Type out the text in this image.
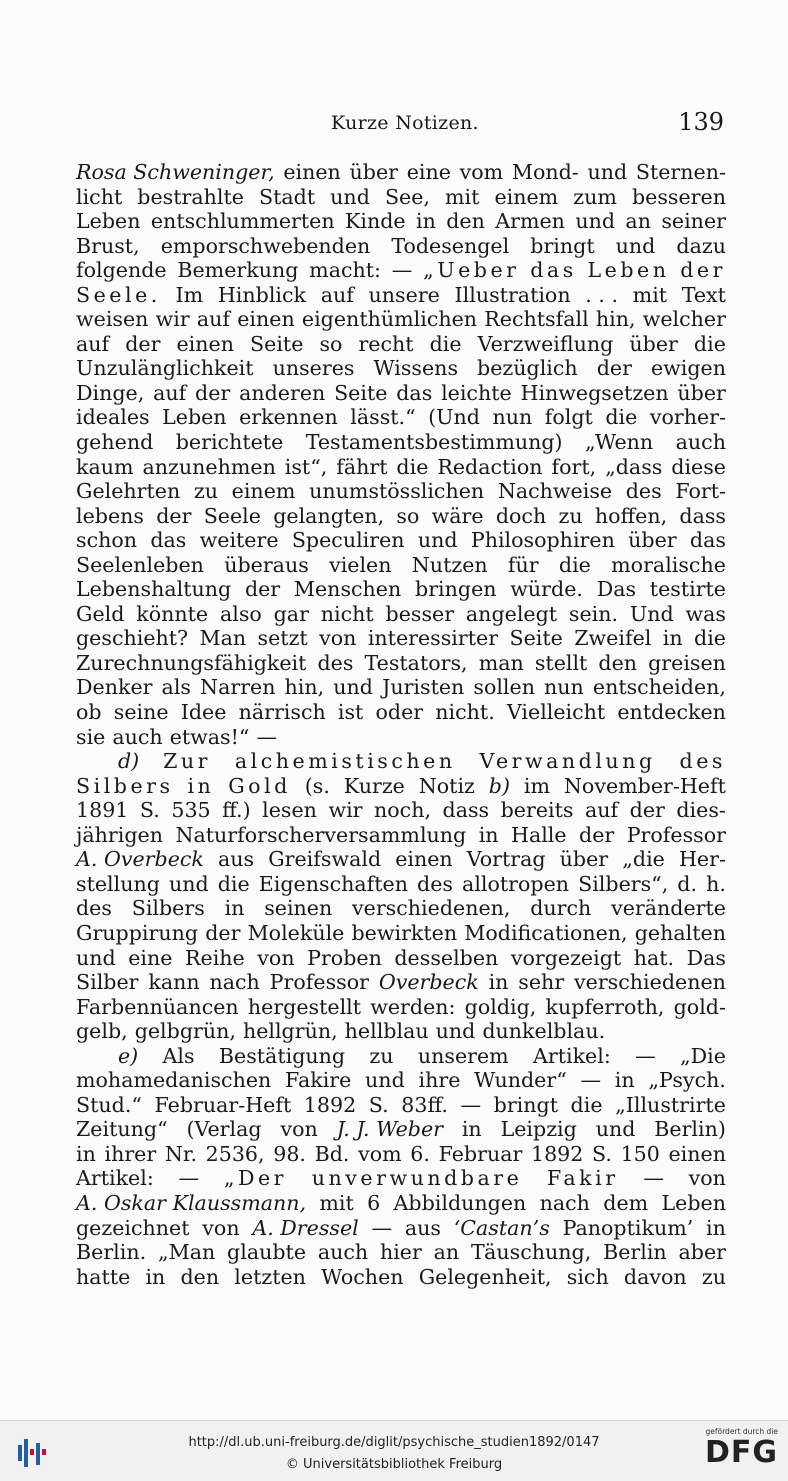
Kurze Notizen.	139
Rosa Schweninger, einen über eine vom Mond- und Sternen-
licht bestrahlte Stadt und See, mit einem zum besseren
Leben entschlummerten Kinde in den Armen und an seiner
Brust, emporschwebenden Todesengel bringt und dazu
folgende Bemerkung macht: — „Ueber das Leben der
Seele. Im Hinblick auf unsere Illustration . . . mit Text
weisen wir auf einen eigenthümlichen Rechtsfall hin, welcher
auf der einen Seite so recht die Verzweiflung über die
Unzulänglichkeit unseres Wissens bezüglich der ewigen
Dinge, auf der anderen Seite das leichte Hinwegsetzen über
ideales Leben erkennen lässt.“ (Und nun folgt die vorher-
gehend berichtete Testamentsbestimmung) „Wenn auch
kaum anzunehmen ist“, fährt die Redaction fort, „dass diese
Gelehrten zu einem unumstösslichen Nachweise des Fort-
lebens der Seele gelangten, so wäre doch zu hoffen, dass
schon das weitere Speculiren und Philosophiren über das
Seelenleben überaus vielen Nutzen für die moralische
Lebenshaltung der Menschen bringen würde. Das testirte
Geld könnte also gar nicht besser angelegt sein. Und was
geschieht? Man setzt von interessirter Seite Zweifel in die
Zurechnungsfähigkeit des Testators, man stellt den greisen
Denker als Narren hin, und Juristen sollen nun entscheiden,
ob seine Idee närrisch ist oder nicht. Vielleicht entdecken
sie auch etwas!“ —
d) Zur alchemistischen Verwandlung des
Silbers in Gold (s. Kurze Notiz b) im November-Heft
1891 S. 535 ff.) lesen wir noch, dass bereits auf der dies-
jährigen Naturforscherversammlung in Halle der Professor
A. Overbeck aus Greifswald einen Vortrag über „die Her-
stellung und die Eigenschaften des allotropen Silbers“, d. h.
des Silbers in seinen verschiedenen, durch veränderte
Gruppirung der Moleküle bewirkten Modificationen, gehalten
und eine Reihe von Proben desselben vorgezeigt hat. Das
Silber kann nach Professor Overbeck in sehr verschiedenen
Farbennüancen hergestellt werden: goldig, kupferroth, gold-
gelb, gelbgrün, hellgrün, hellblau und dunkelblau.
e) Als Bestätigung zu unserem Artikel: — „Die
mohamedanischen Fakire und ihre Wunder“ — in „Psych.
Stud.“ Februar-Heft 1892 S. 83ff. — bringt die „Illustrirte
Zeitung“ (Verlag von J. J. Weber in Leipzig und Berlin)
in ihrer Nr. 2536, 98. Bd. vom 6. Februar 1892 S. 150 einen
Artikel: — „Der unverwundbare Fakir — von
A. Oskar Klaussmann, mit 6 Abbildungen nach dem Leben
gezeichnet von A. Dressel — aus ‘Castan’s Panoptikum’ in
Berlin. „Man glaubte auch hier an Täuschung, Berlin aber
hatte in den letzten Wochen Gelegenheit, sich davon zu
http://dl.ub.uni-freiburg.de/diglit/psychische_studien1892/0147
© Universitätsbibliothek Freiburg
gefördert durch die
DFG
